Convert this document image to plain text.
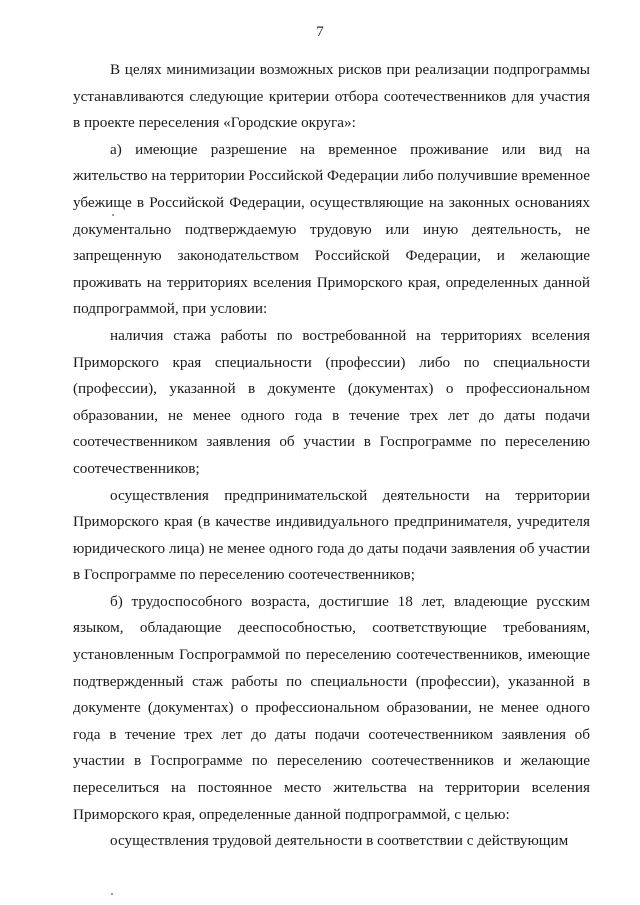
7

В целях минимизации возможных рисков при реализации подпрограммы устанавливаются следующие критерии отбора соотечественников для участия в проекте переселения «Городские округа»:

а) имеющие разрешение на временное проживание или вид на жительство на территории Российской Федерации либо получившие временное убежище в Российской Федерации, осуществляющие на законных основаниях документально подтверждаемую трудовую или иную деятельность, не запрещенную законодательством Российской Федерации, и желающие проживать на территориях вселения Приморского края, определенных данной подпрограммой, при условии:

наличия стажа работы по востребованной на территориях вселения Приморского края специальности (профессии) либо по специальности (профессии), указанной в документе (документах) о профессиональном образовании, не менее одного года в течение трех лет до даты подачи соотечественником заявления об участии в Госпрограмме по переселению соотечественников;

осуществления предпринимательской деятельности на территории Приморского края (в качестве индивидуального предпринимателя, учредителя юридического лица) не менее одного года до даты подачи заявления об участии в Госпрограмме по переселению соотечественников;

б) трудоспособного возраста, достигшие 18 лет, владеющие русским языком, обладающие дееспособностью, соответствующие требованиям, установленным Госпрограммой по переселению соотечественников, имеющие подтвержденный стаж работы по специальности (профессии), указанной в документе (документах) о профессиональном образовании, не менее одного года в течение трех лет до даты подачи соотечественником заявления об участии в Госпрограмме по переселению соотечественников и желающие переселиться на постоянное место жительства на территории вселения Приморского края, определенные данной подпрограммой, с целью:

осуществления трудовой деятельности в соответствии с действующим
